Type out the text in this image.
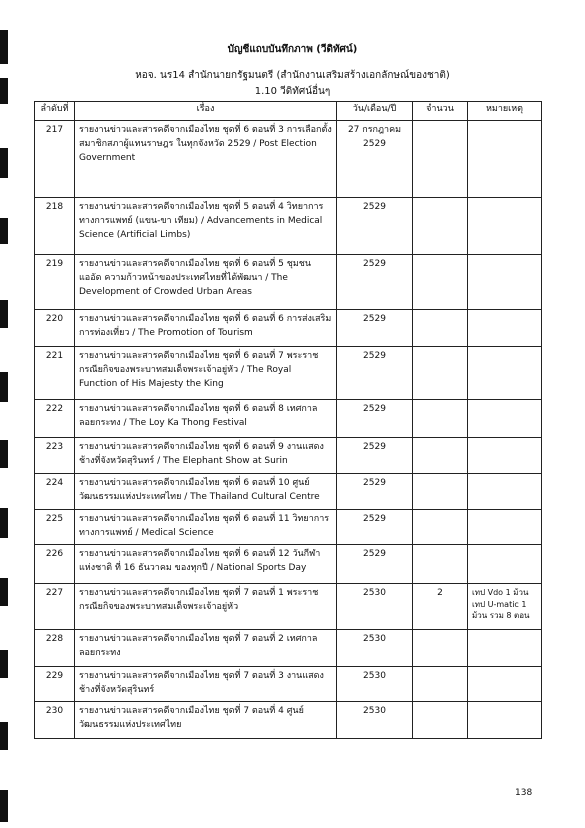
บัญชีแถบบันทึกภาพ (วีดิทัศน์)
หอจ. นร14 สำนักนายกรัฐมนตรี (สำนักงานเสริมสร้างเอกลักษณ์ของชาติ)
1.10 วีดิทัศน์อื่นๆ
ลำดับที่	เรื่อง	วัน/เดือน/ปี	จำนวน	หมายเหตุ
217	รายงานข่าวและสารคดีจากเมืองไทย ชุดที่ 6 ตอนที่ 3 การเลือกตั้งสมาชิกสภาผู้แทนราษฎร ในทุกจังหวัด 2529 / Post Election Government	27 กรกฎาคม 2529		
218	รายงานข่าวและสารคดีจากเมืองไทย ชุดที่ 5 ตอนที่ 4 วิทยาการทางการแพทย์ (แขน-ขา เทียม) / Advancements in Medical Science (Artificial Limbs)	2529		
219	รายงานข่าวและสารคดีจากเมืองไทย ชุดที่ 6 ตอนที่ 5 ชุมชนแออัด ความก้าวหน้าของประเทศไทยที่ได้พัฒนา / The Development of Crowded Urban Areas	2529		
220	รายงานข่าวและสารคดีจากเมืองไทย ชุดที่ 6 ตอนที่ 6 การส่งเสริมการท่องเที่ยว / The Promotion of Tourism	2529		
221	รายงานข่าวและสารคดีจากเมืองไทย ชุดที่ 6 ตอนที่ 7 พระราชกรณียกิจของพระบาทสมเด็จพระเจ้าอยู่หัว / The Royal Function of His Majesty the King	2529		
222	รายงานข่าวและสารคดีจากเมืองไทย ชุดที่ 6 ตอนที่ 8 เทศกาลลอยกระทง / The Loy Ka Thong Festival	2529		
223	รายงานข่าวและสารคดีจากเมืองไทย ชุดที่ 6 ตอนที่ 9 งานแสดงช้างที่จังหวัดสุรินทร์ / The Elephant Show at Surin	2529		
224	รายงานข่าวและสารคดีจากเมืองไทย ชุดที่ 6 ตอนที่ 10 ศูนย์วัฒนธรรมแห่งประเทศไทย / The Thailand Cultural Centre	2529		
225	รายงานข่าวและสารคดีจากเมืองไทย ชุดที่ 6 ตอนที่ 11 วิทยาการทางการแพทย์ / Medical Science	2529		
226	รายงานข่าวและสารคดีจากเมืองไทย ชุดที่ 6 ตอนที่ 12 วันกีฬาแห่งชาติ ที่ 16 ธันวาคม ของทุกปี / National Sports Day	2529		
227	รายงานข่าวและสารคดีจากเมืองไทย ชุดที่ 7 ตอนที่ 1 พระราชกรณียกิจของพระบาทสมเด็จพระเจ้าอยู่หัว	2530	2	เทป Vdo 1 ม้วน เทป U-matic 1 ม้วน รวม 8 ตอน
228	รายงานข่าวและสารคดีจากเมืองไทย ชุดที่ 7 ตอนที่ 2 เทศกาลลอยกระทง	2530		
229	รายงานข่าวและสารคดีจากเมืองไทย ชุดที่ 7 ตอนที่ 3 งานแสดงช้างที่จังหวัดสุรินทร์	2530		
230	รายงานข่าวและสารคดีจากเมืองไทย ชุดที่ 7 ตอนที่ 4 ศูนย์วัฒนธรรมแห่งประเทศไทย	2530		
138
